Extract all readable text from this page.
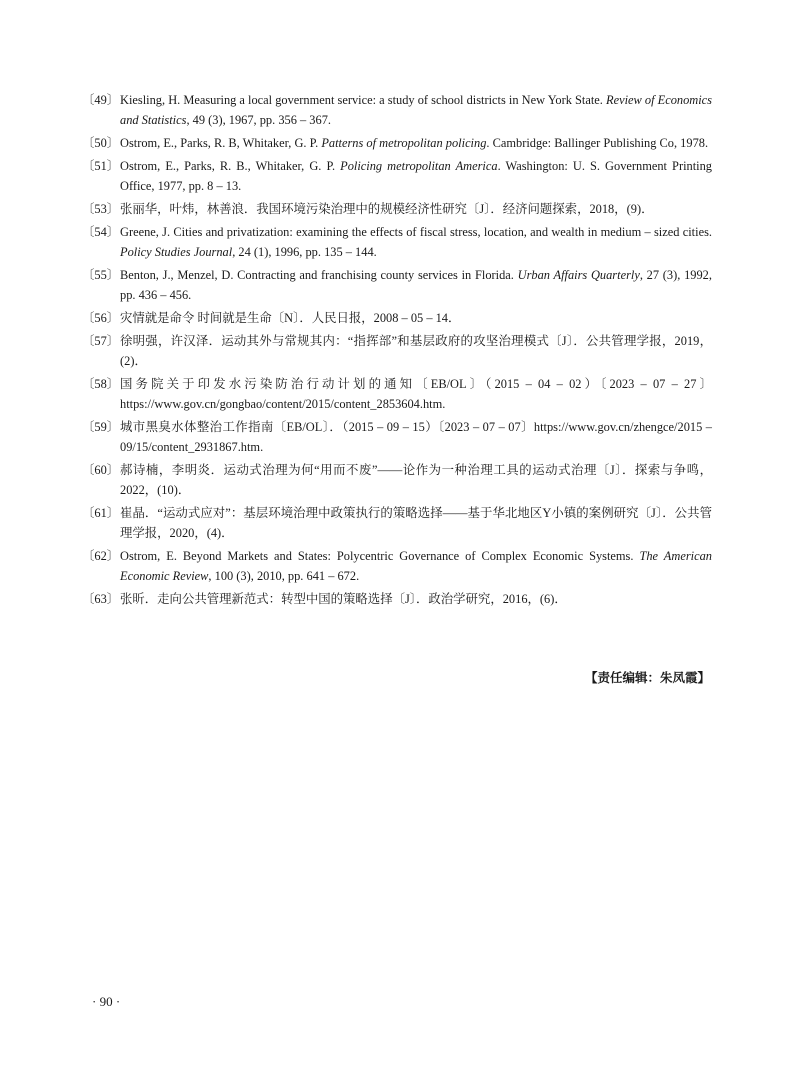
〔49〕 Kiesling, H. Measuring a local government service: a study of school districts in New York State. Review of Economics and Statistics, 49 (3), 1967, pp. 356 – 367.
〔50〕 Ostrom, E., Parks, R. B, Whitaker, G. P. Patterns of metropolitan policing. Cambridge: Ballinger Publishing Co, 1978.
〔51〕 Ostrom, E., Parks, R. B., Whitaker, G. P. Policing metropolitan America. Washington: U. S. Government Printing Office, 1977, pp. 8 – 13.
〔53〕 张丽华，叶炜，林善浪．我国环境污染治理中的规模经济性研究〔J〕．经济问题探索，2018，(9)．
〔54〕 Greene, J. Cities and privatization: examining the effects of fiscal stress, location, and wealth in medium – sized cities. Policy Studies Journal, 24 (1), 1996, pp. 135 – 144.
〔55〕 Benton, J., Menzel, D. Contracting and franchising county services in Florida. Urban Affairs Quarterly, 27 (3), 1992, pp. 436 – 456.
〔56〕 灾情就是命令 时间就是生命〔N〕．人民日报，2008 – 05 – 14．
〔57〕 徐明强，许汉泽．运动其外与常规其内：“指挥部”和基层政府的攻坚治理模式〔J〕．公共管理学报，2019，(2)．
〔58〕 国务院关于印发水污染防治行动计划的通知〔EB/OL〕（2015 – 04 – 02）〔2023 – 07 – 27〕https://www.gov.cn/gongbao/content/2015/content_2853604.htm.
〔59〕 城市黑臭水体整治工作指南〔EB/OL〕．（2015 – 09 – 15）〔2023 – 07 – 07〕https://www.gov.cn/zhengce/2015 – 09/15/content_2931867.htm.
〔60〕 郝诗楠，李明炎．运动式治理为何“用而不废”——论作为一种治理工具的运动式治理〔J〕．探索与争鸣，2022，(10)．
〔61〕 崔晶．“运动式应对”：基层环境治理中政策执行的策略选择——基于华北地区Y小镇的案例研究〔J〕．公共管理学报，2020，(4)．
〔62〕 Ostrom, E. Beyond Markets and States: Polycentric Governance of Complex Economic Systems. The American Economic Review, 100 (3), 2010, pp. 641 – 672.
〔63〕 张昕．走向公共管理新范式：转型中国的策略选择〔J〕．政治学研究，2016，(6)．
【责任编辑：朱凤霞】
· 90 ·
